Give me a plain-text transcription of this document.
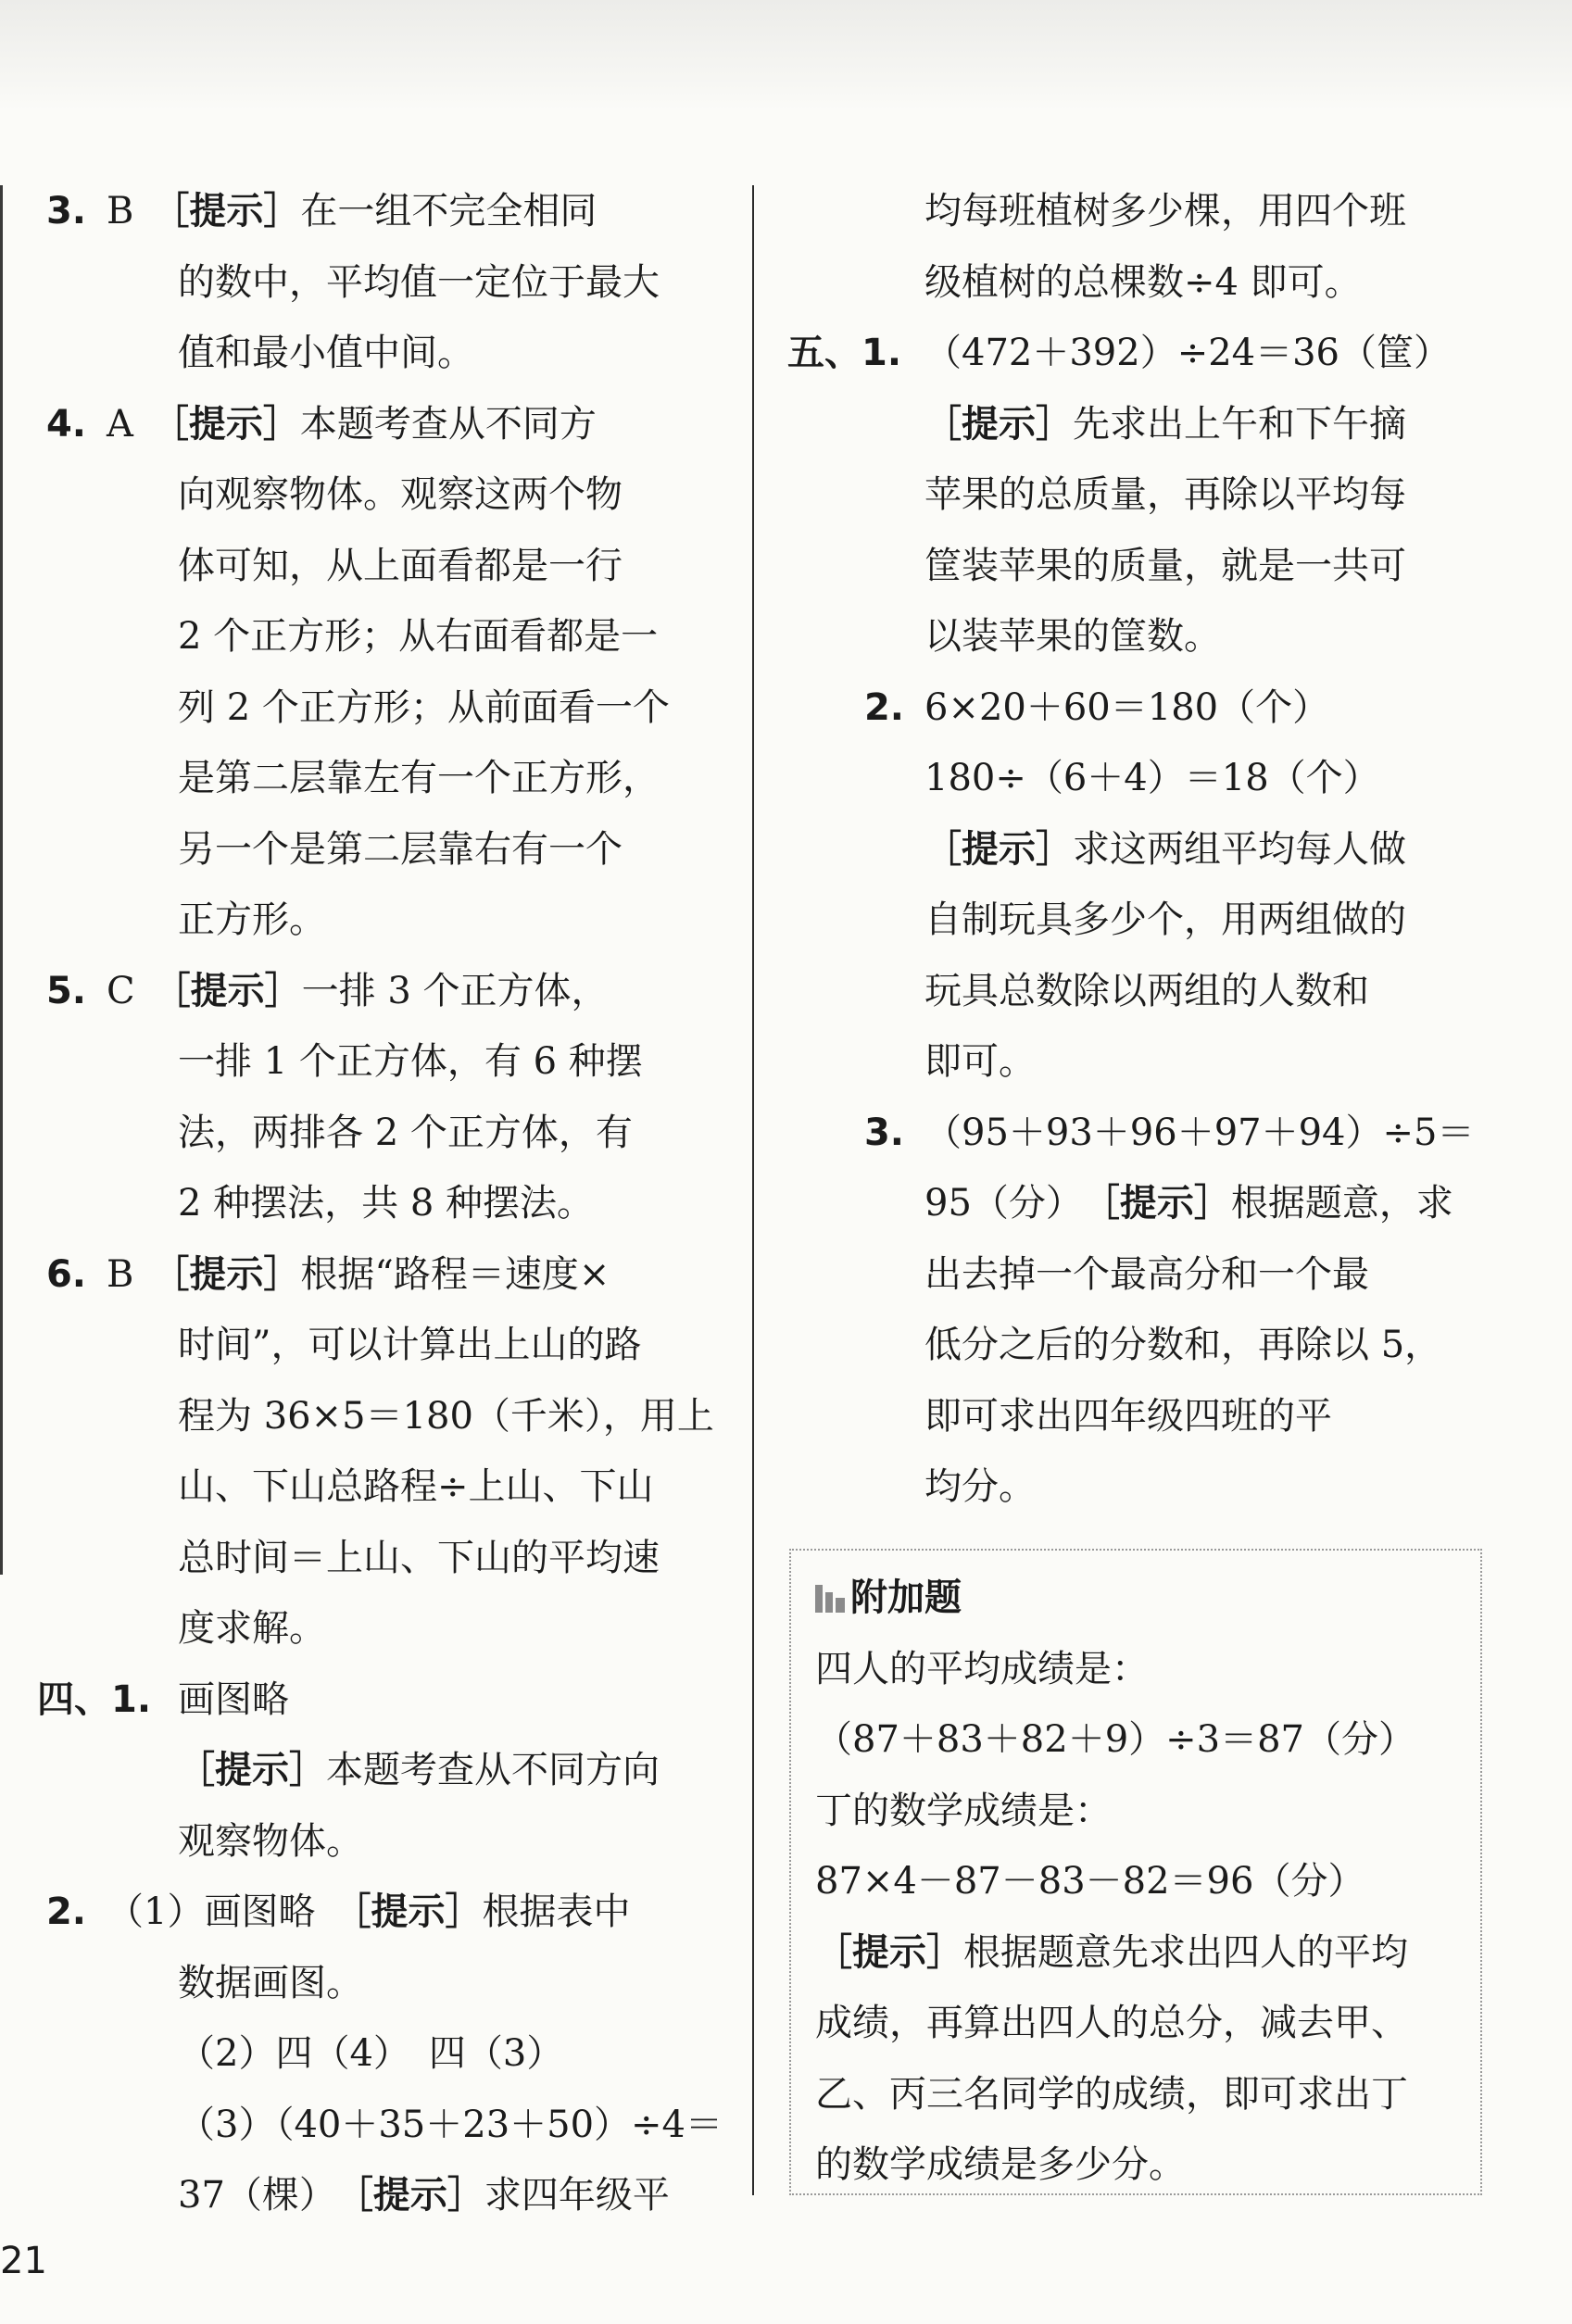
3. B　［提示］在一组不完全相同
的数中，平均值一定位于最大
值和最小值中间。
4. A　［提示］本题考查从不同方
向观察物体。观察这两个物
体可知，从上面看都是一行
2 个正方形；从右面看都是一
列 2 个正方形；从前面看一个
是第二层靠左有一个正方形，
另一个是第二层靠右有一个
正方形。
5. C　［提示］一排 3 个正方体，
一排 1 个正方体，有 6 种摆
法，两排各 2 个正方体，有
2 种摆法，共 8 种摆法。
6. B　［提示］根据“路程＝速度×
时间”，可以计算出上山的路
程为 36×5＝180（千米），用上
山、下山总路程÷上山、下山
总时间＝上山、下山的平均速
度求解。
四、1. 画图略
［提示］本题考查从不同方向
观察物体。
2. （1）画图略　［提示］根据表中
数据画图。
（2）四（4）　四（3）
（3）（40＋35＋23＋50）÷4＝
37（棵）　［提示］求四年级平
均每班植树多少棵，用四个班
级植树的总棵数÷4 即可。
五、1. （472＋392）÷24＝36（筐）
［提示］先求出上午和下午摘
苹果的总质量，再除以平均每
筐装苹果的质量，就是一共可
以装苹果的筐数。
2. 6×20＋60＝180（个）
180÷（6＋4）＝18（个）
［提示］求这两组平均每人做
自制玩具多少个，用两组做的
玩具总数除以两组的人数和
即可。
3. （95＋93＋96＋97＋94）÷5＝
95（分）　［提示］根据题意，求
出去掉一个最高分和一个最
低分之后的分数和，再除以 5，
即可求出四年级四班的平
均分。
附加题
四人的平均成绩是：
（87＋83＋82＋9）÷3＝87（分）
丁的数学成绩是：
87×4－87－83－82＝96（分）
［提示］根据题意先求出四人的平均
成绩，再算出四人的总分，减去甲、
乙、丙三名同学的成绩，即可求出丁
的数学成绩是多少分。
21
